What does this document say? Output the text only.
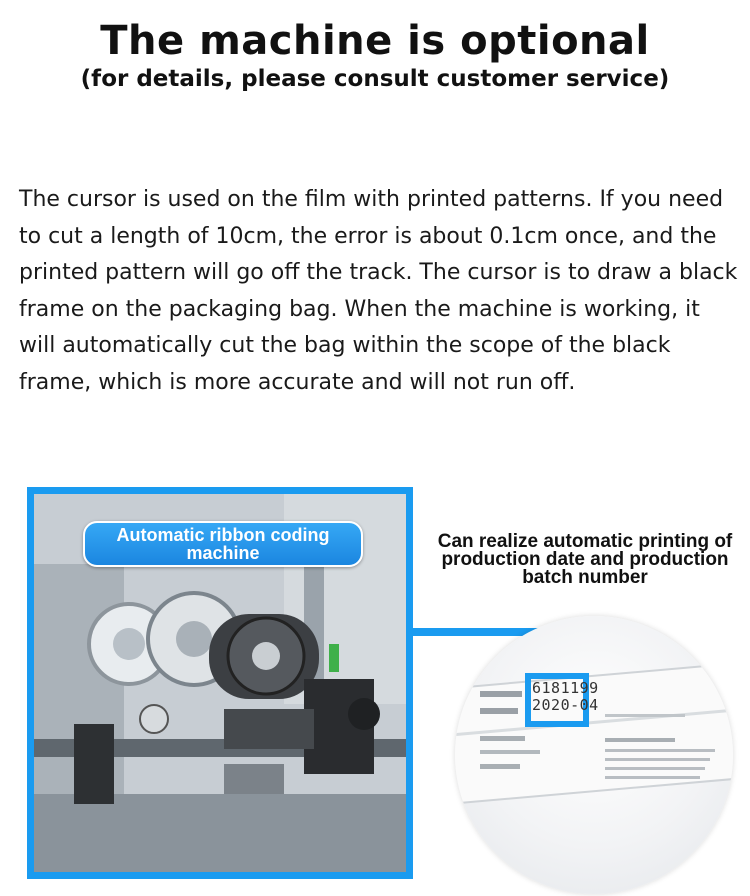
The machine is optional
(for details, please consult customer service)
The cursor is used on the film with printed patterns. If you need to cut a length of 10cm, the error is about 0.1cm once, and the printed pattern will go off the track. The cursor is to draw a black frame on the packaging bag. When the machine is working, it will automatically cut the bag within the scope of the black frame, which is more accurate and will not run off.
Automatic ribbon coding machine
Can realize automatic printing of production date and production batch number
6181199
2020-04
